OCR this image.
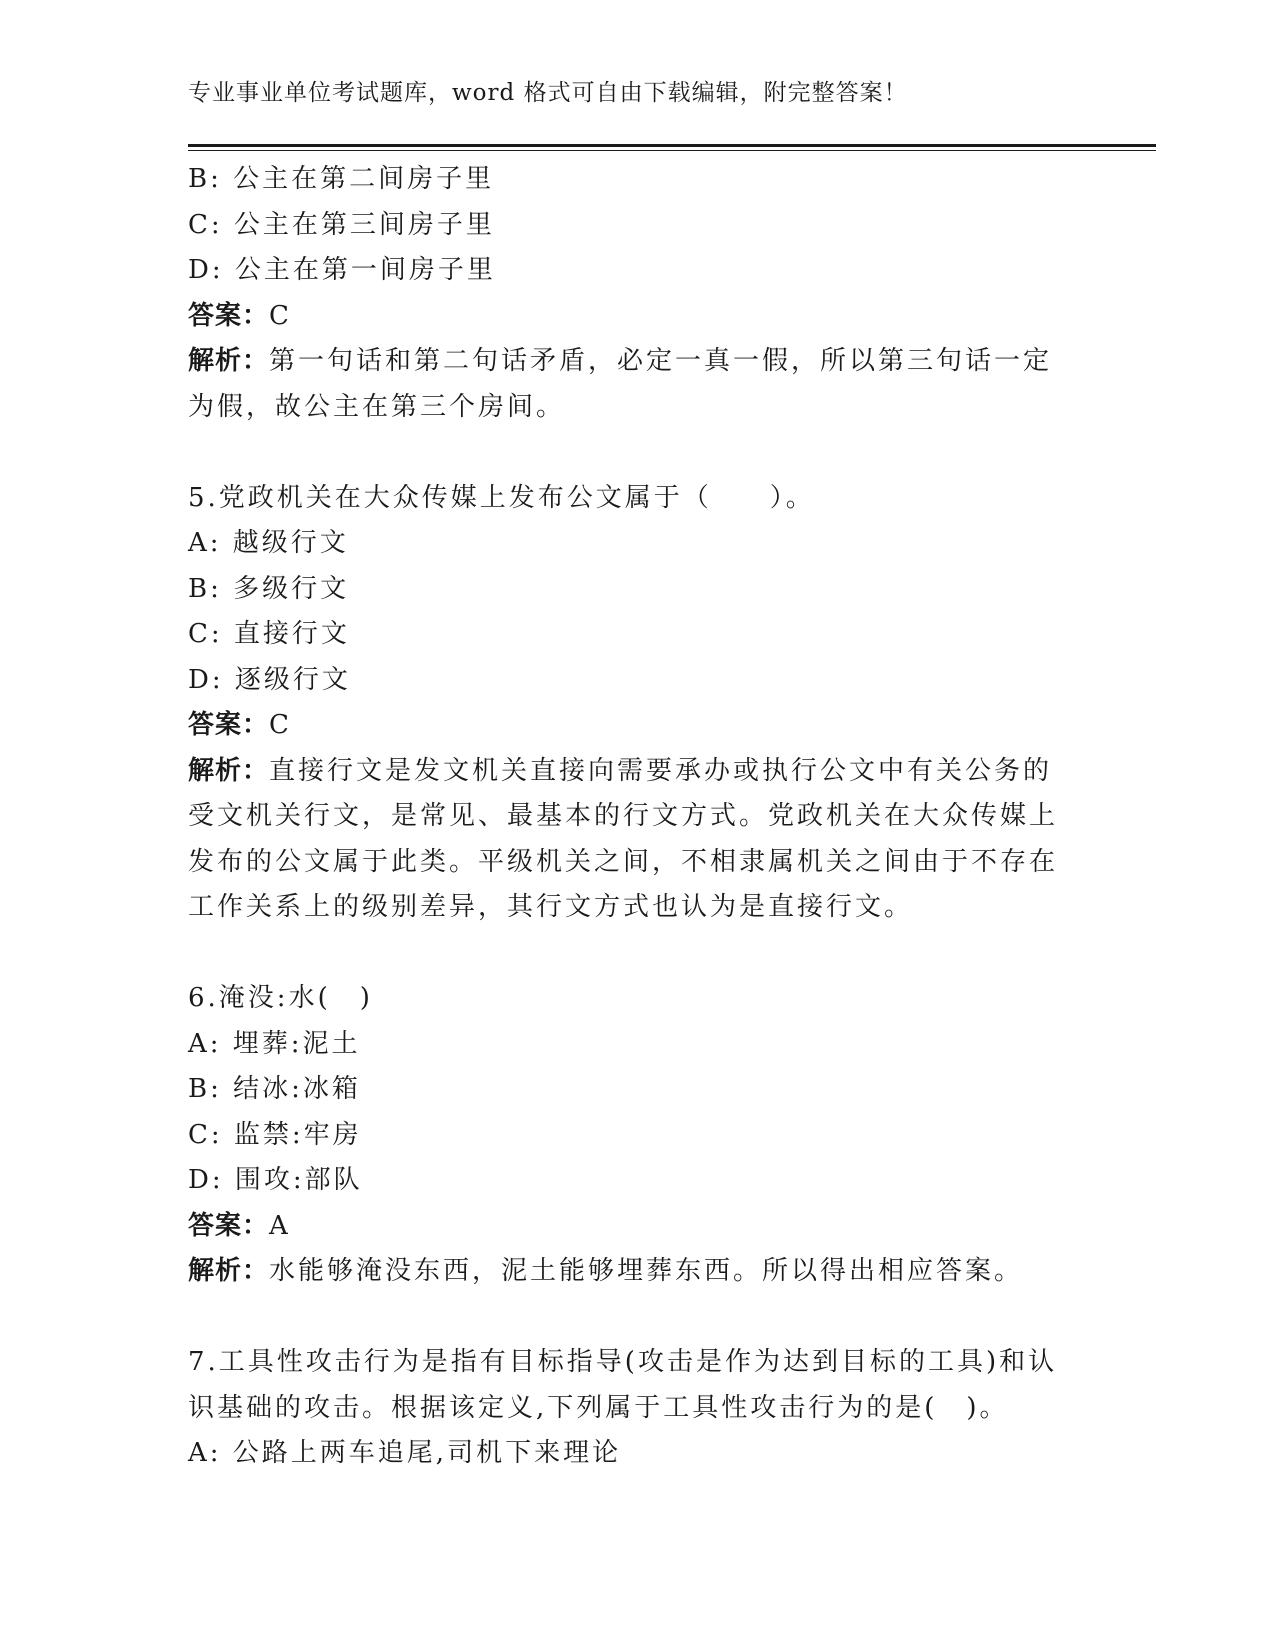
专业事业单位考试题库，word 格式可自由下载编辑，附完整答案！
B: 公主在第二间房子里
C: 公主在第三间房子里
D: 公主在第一间房子里
答案：C
解析：第一句话和第二句话矛盾，必定一真一假，所以第三句话一定
为假，故公主在第三个房间。
5.党政机关在大众传媒上发布公文属于（　　）。
A: 越级行文
B: 多级行文
C: 直接行文
D: 逐级行文
答案：C
解析：直接行文是发文机关直接向需要承办或执行公文中有关公务的
受文机关行文，是常见、最基本的行文方式。党政机关在大众传媒上
发布的公文属于此类。平级机关之间，不相隶属机关之间由于不存在
工作关系上的级别差异，其行文方式也认为是直接行文。
6.淹没:水(　)
A: 埋葬:泥土
B: 结冰:冰箱
C: 监禁:牢房
D: 围攻:部队
答案：A
解析：水能够淹没东西，泥土能够埋葬东西。所以得出相应答案。
7.工具性攻击行为是指有目标指导(攻击是作为达到目标的工具)和认
识基础的攻击。根据该定义,下列属于工具性攻击行为的是(　)。
A: 公路上两车追尾,司机下来理论
